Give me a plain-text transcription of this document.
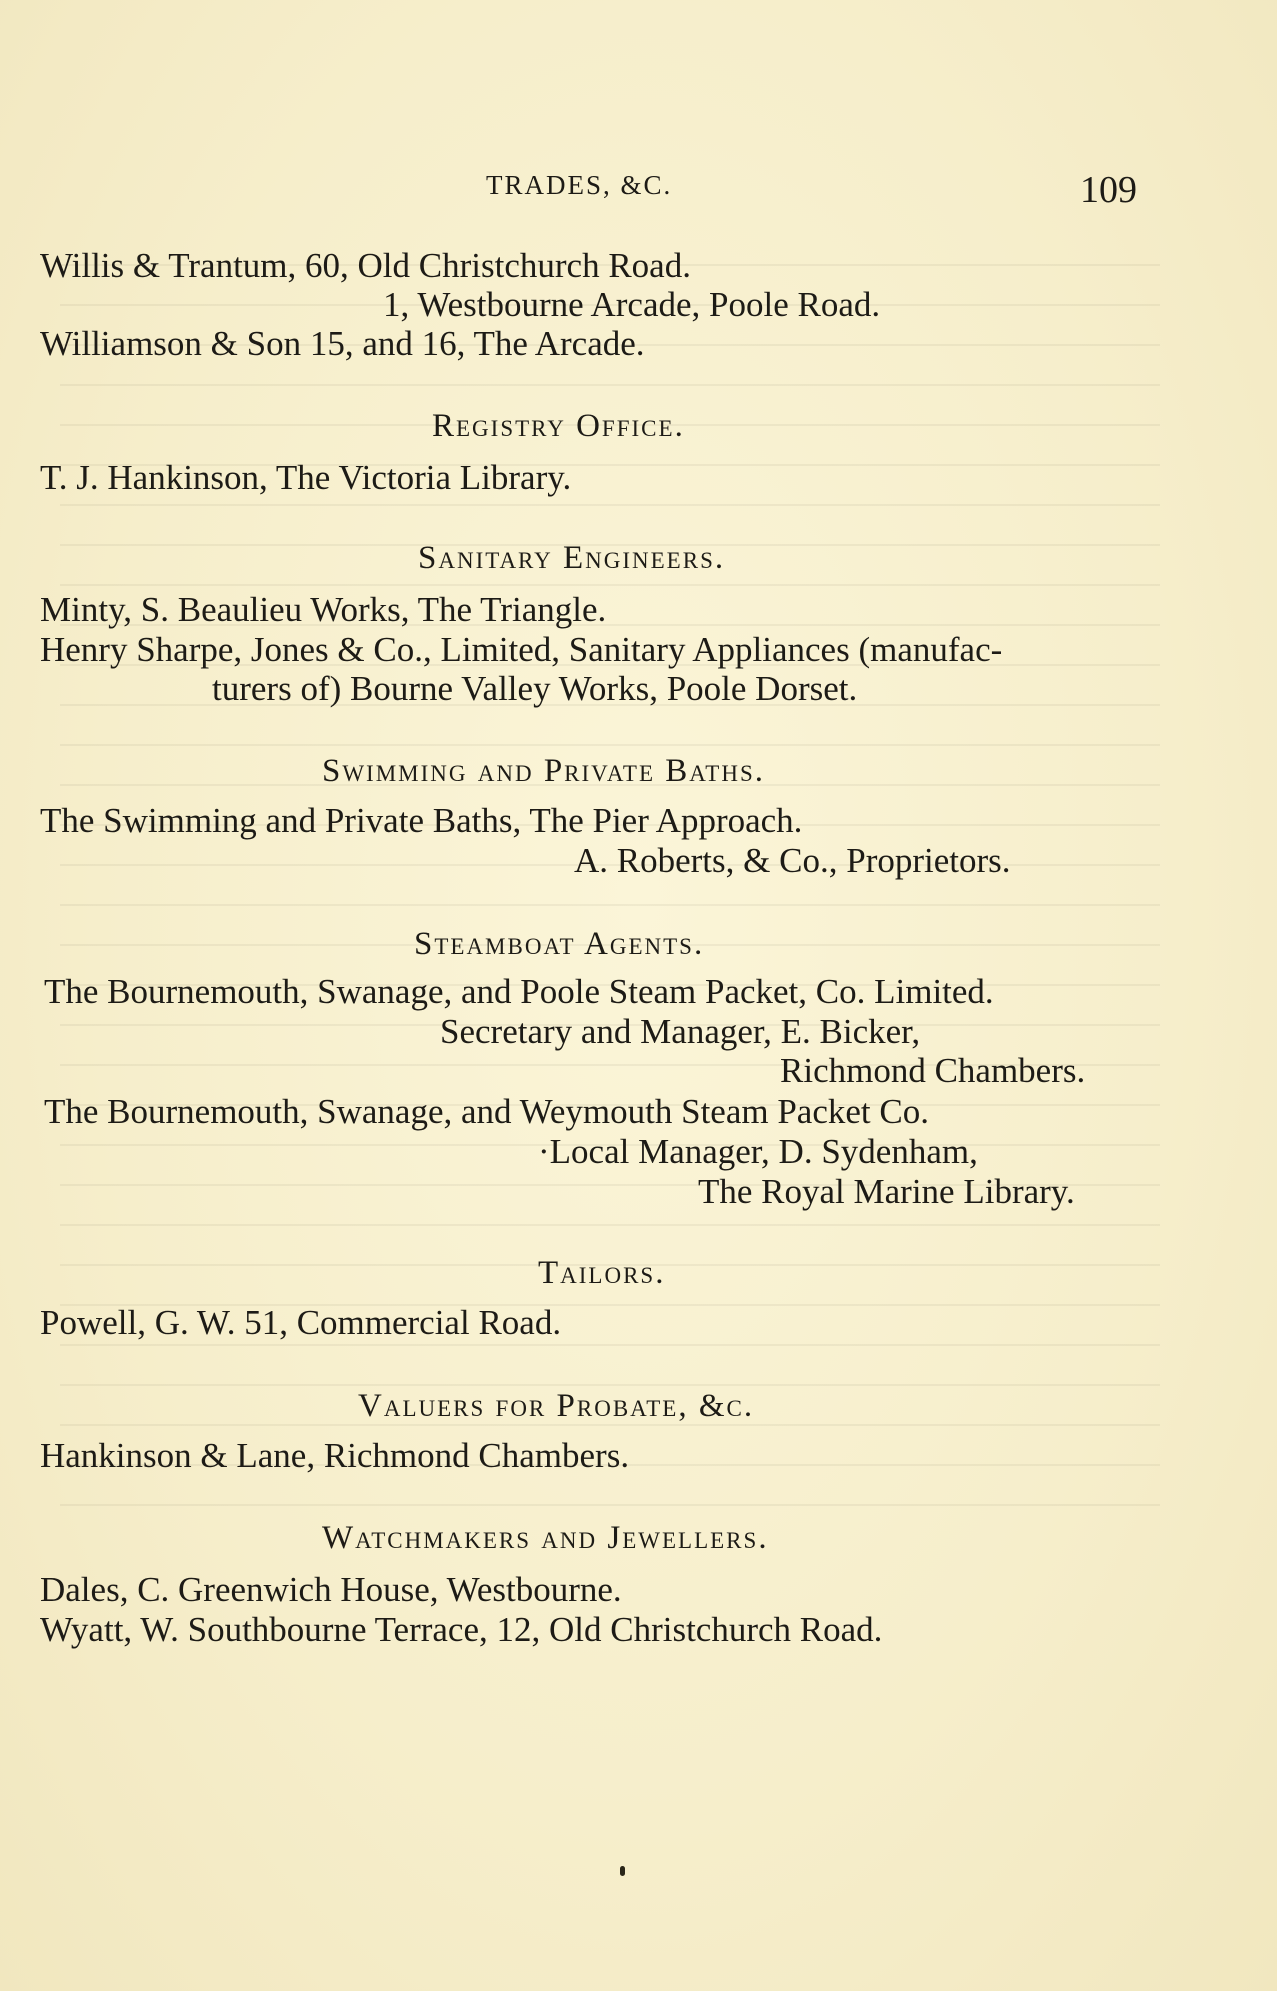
TRADES, &C.	109
Willis & Trantum, 60, Old Christchurch Road.
1, Westbourne Arcade, Poole Road.
Williamson & Son 15, and 16, The Arcade.
Registry Office.
T. J. Hankinson, The Victoria Library.
Sanitary Engineers.
Minty, S. Beaulieu Works, The Triangle.
Henry Sharpe, Jones & Co., Limited, Sanitary Appliances (manufac-
turers of) Bourne Valley Works, Poole Dorset.
Swimming and Private Baths.
The Swimming and Private Baths, The Pier Approach.
A. Roberts, & Co., Proprietors.
Steamboat Agents.
The Bournemouth, Swanage, and Poole Steam Packet, Co. Limited.
Secretary and Manager, E. Bicker,
Richmond Chambers.
The Bournemouth, Swanage, and Weymouth Steam Packet Co.
·Local Manager, D. Sydenham,
The Royal Marine Library.
Tailors.
Powell, G. W. 51, Commercial Road.
Valuers for Probate, &c.
Hankinson & Lane, Richmond Chambers.
Watchmakers and Jewellers.
Dales, C. Greenwich House, Westbourne.
Wyatt, W. Southbourne Terrace, 12, Old Christchurch Road.
